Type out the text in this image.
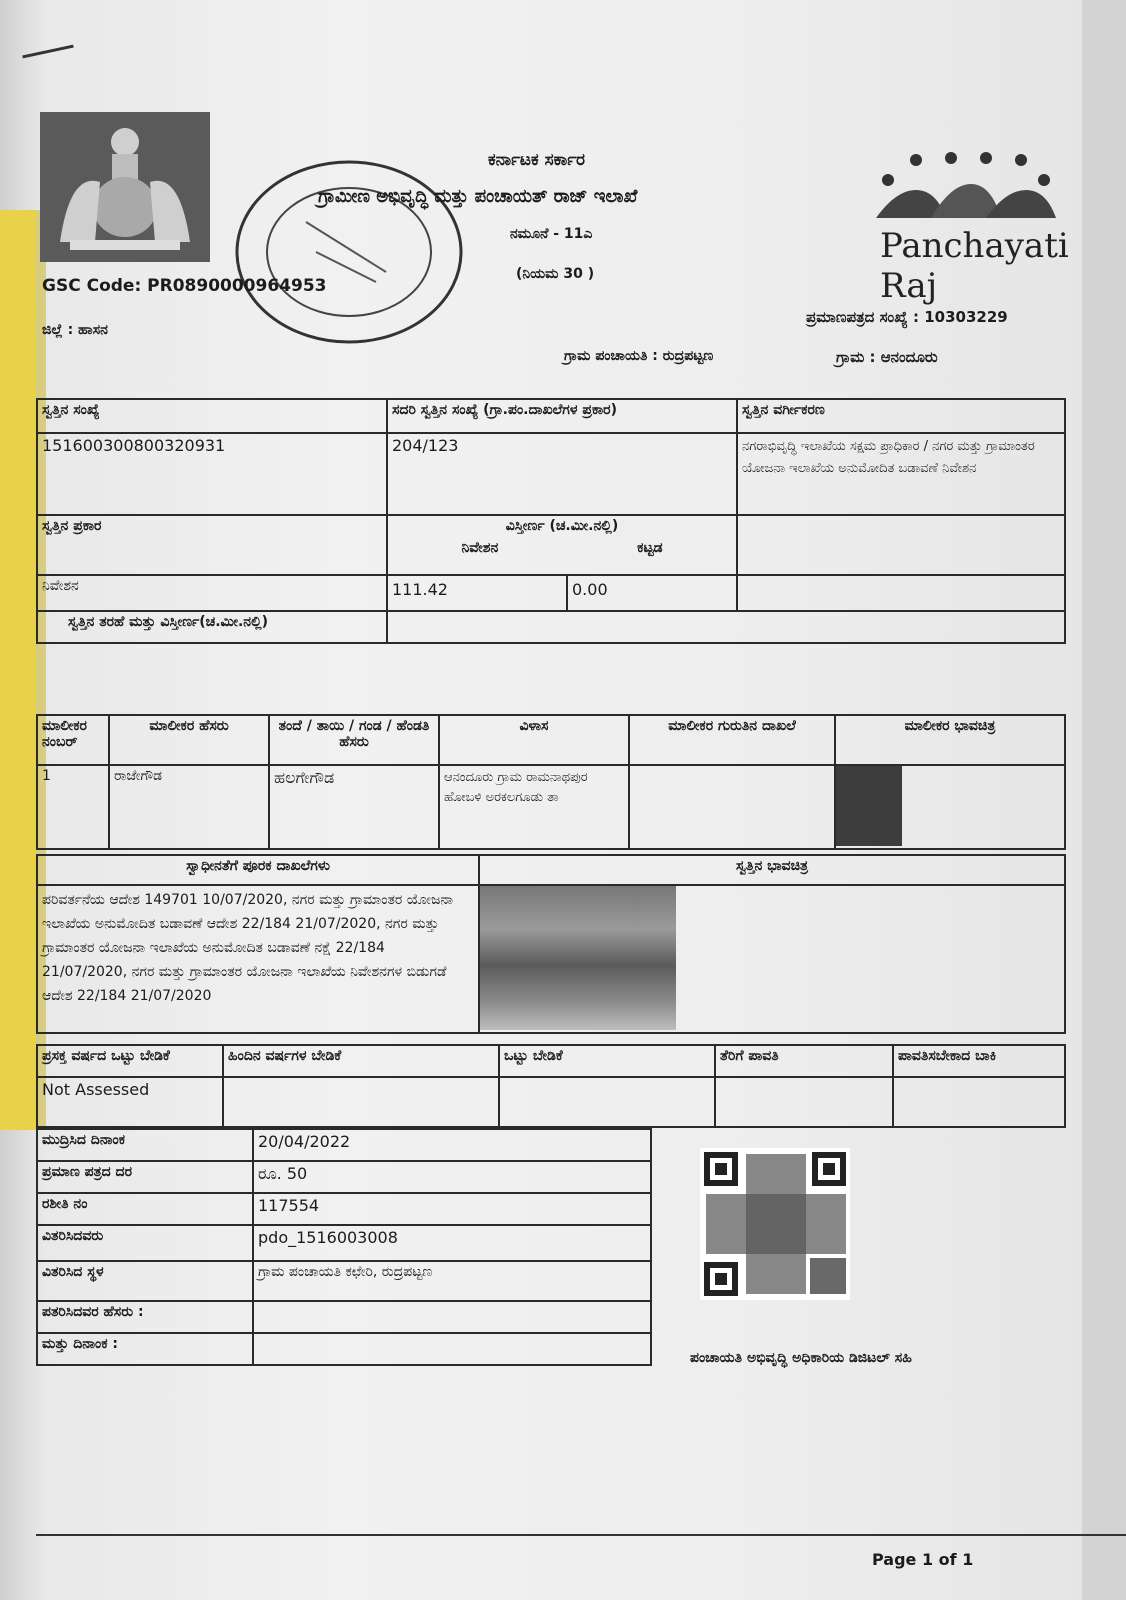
ಕರ್ನಾಟಕ ಸರ್ಕಾರ
ಗ್ರಾಮೀಣ ಅಭಿವೃದ್ಧಿ ಮತ್ತು ಪಂಚಾಯತ್ ರಾಜ್ ಇಲಾಖೆ
ನಮೂನೆ - 11ಎ
(ನಿಯಮ 30 )
Panchayati Raj
GSC Code: PR0890000964953
ಪ್ರಮಾಣಪತ್ರದ ಸಂಖ್ಯೆ : 10303229
ಜಿಲ್ಲೆ : ಹಾಸನ
ಗ್ರಾಮ ಪಂಚಾಯತಿ : ರುದ್ರಪಟ್ಟಣ	ಗ್ರಾಮ : ಆನಂದೂರು
ಸ್ವತ್ತಿನ ಸಂಖ್ಯೆ	ಸದರಿ ಸ್ವತ್ತಿನ ಸಂಖ್ಯೆ (ಗ್ರಾ.ಪಂ.ದಾಖಲೆಗಳ ಪ್ರಕಾರ)	ಸ್ವತ್ತಿನ ವರ್ಗೀಕರಣ
15160030080032093​1	204/123	ನಗರಾಭಿವೃದ್ಧಿ ಇಲಾಖೆಯ ಸಕ್ಷಮ ಪ್ರಾಧಿಕಾರ / ನಗರ ಮತ್ತು ಗ್ರಾಮಾಂತರ ಯೋಜನಾ ಇಲಾಖೆಯ ಅನುಮೋದಿತ ಬಡಾವಣೆ ನಿವೇಶನ
ಸ್ವತ್ತಿನ ಪ್ರಕಾರ	ವಿಸ್ತೀರ್ಣ (ಚ.ಮೀ.ನಲ್ಲಿ)
ನಿವೇಶನ ಕಟ್ಟಡ	

ನಿವೇಶನ	111.42 0.00	

ಸ್ವತ್ತಿನ ತರಹೆ ಮತ್ತು ವಿಸ್ತೀರ್ಣ(ಚ.ಮೀ.ನಲ್ಲಿ)		
ಮಾಲೀಕರ ನಂಬರ್	ಮಾಲೀಕರ ಹೆಸರು	ತಂದೆ / ತಾಯಿ / ಗಂಡ / ಹೆಂಡತಿ ಹೆಸರು	ವಿಳಾಸ	ಮಾಲೀಕರ ಗುರುತಿನ ದಾಖಲೆ	ಮಾಲೀಕರ ಭಾವಚಿತ್ರ
1	ರಾಜೇಗೌಡ	ಹಲಗೇಗೌಡ	ಆನಂದೂರು ಗ್ರಾಮ ರಾಮನಾಥಪುರ ಹೋಬಳಿ ಅರಕಲಗೂಡು ತಾ		
ಸ್ವಾಧೀನತೆಗೆ ಪೂರಕ ದಾಖಲೆಗಳು	ಸ್ವತ್ತಿನ ಭಾವಚಿತ್ರ
ಪರಿವರ್ತನೆಯ ಆದೇಶ 149701 10/07/2020, ನಗರ ಮತ್ತು ಗ್ರಾಮಾಂತರ ಯೋಜನಾ ಇಲಾಖೆಯ ಅನುಮೋದಿತ ಬಡಾವಣೆ ಆದೇಶ 22/184 21/07/2020, ನಗರ ಮತ್ತು ಗ್ರಾಮಾಂತರ ಯೋಜನಾ ಇಲಾಖೆಯ ಅನುಮೋದಿತ ಬಡಾವಣೆ ನಕ್ಷೆ 22/184 21/07/2020, ನಗರ ಮತ್ತು ಗ್ರಾಮಾಂತರ ಯೋಜನಾ ಇಲಾಖೆಯ ನಿವೇಶನಗಳ ಬಿಡುಗಡೆ ಆದೇಶ 22/184 21/07/2020	
ಪ್ರಸಕ್ತ ವರ್ಷದ ಒಟ್ಟು ಬೇಡಿಕೆ	ಹಿಂದಿನ ವರ್ಷಗಳ ಬೇಡಿಕೆ	ಒಟ್ಟು ಬೇಡಿಕೆ	ತೆರಿಗೆ ಪಾವತಿ	ಪಾವತಿಸಬೇಕಾದ ಬಾಕಿ
Not Assessed				
ಮುದ್ರಿಸಿದ ದಿನಾಂಕ	20/04/2022
ಪ್ರಮಾಣ ಪತ್ರದ ದರ	ರೂ. 50
ರಶೀತಿ ನಂ	117554
ವಿತರಿಸಿದವರು	pdo_1516003008
ವಿತರಿಸಿದ ಸ್ಥಳ	ಗ್ರಾಮ ಪಂಚಾಯತಿ ಕಛೇರಿ, ರುದ್ರಪಟ್ಟಣ
ಪತರಿಸಿದವರ ಹೆಸರು :	
ಮತ್ತು ದಿನಾಂಕ :	
ಪಂಚಾಯತಿ ಅಭಿವೃದ್ಧಿ ಅಧಿಕಾರಿಯ ಡಿಜಿಟಲ್ ಸಹಿ
Page 1 of 1
